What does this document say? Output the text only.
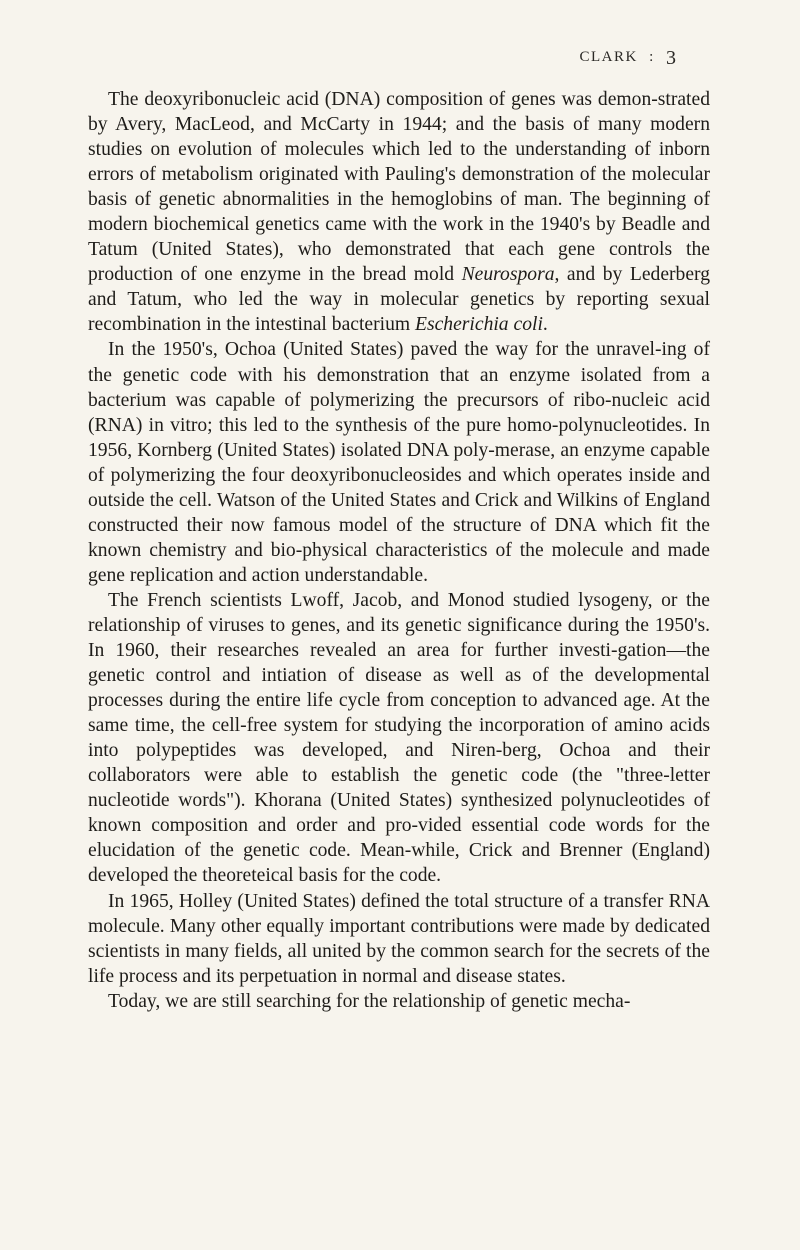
CLARK : 3

The deoxyribonucleic acid (DNA) composition of genes was demon-strated by Avery, MacLeod, and McCarty in 1944; and the basis of many modern studies on evolution of molecules which led to the understanding of inborn errors of metabolism originated with Pauling's demonstration of the molecular basis of genetic abnormalities in the hemoglobins of man. The beginning of modern biochemical genetics came with the work in the 1940's by Beadle and Tatum (United States), who demonstrated that each gene controls the production of one enzyme in the bread mold Neurospora, and by Lederberg and Tatum, who led the way in molecular genetics by reporting sexual recombination in the intestinal bacterium Escherichia coli.

In the 1950's, Ochoa (United States) paved the way for the unravel-ing of the genetic code with his demonstration that an enzyme isolated from a bacterium was capable of polymerizing the precursors of ribo-nucleic acid (RNA) in vitro; this led to the synthesis of the pure homo-polynucleotides. In 1956, Kornberg (United States) isolated DNA poly-merase, an enzyme capable of polymerizing the four deoxyribonucleosides and which operates inside and outside the cell. Watson of the United States and Crick and Wilkins of England constructed their now famous model of the structure of DNA which fit the known chemistry and bio-physical characteristics of the molecule and made gene replication and action understandable.

The French scientists Lwoff, Jacob, and Monod studied lysogeny, or the relationship of viruses to genes, and its genetic significance during the 1950's. In 1960, their researches revealed an area for further investi-gation—the genetic control and intiation of disease as well as of the developmental processes during the entire life cycle from conception to advanced age. At the same time, the cell-free system for studying the incorporation of amino acids into polypeptides was developed, and Niren-berg, Ochoa and their collaborators were able to establish the genetic code (the "three-letter nucleotide words"). Khorana (United States) synthesized polynucleotides of known composition and order and pro-vided essential code words for the elucidation of the genetic code. Mean-while, Crick and Brenner (England) developed the theoreteical basis for the code.

In 1965, Holley (United States) defined the total structure of a transfer RNA molecule. Many other equally important contributions were made by dedicated scientists in many fields, all united by the common search for the secrets of the life process and its perpetuation in normal and disease states.

Today, we are still searching for the relationship of genetic mecha-
